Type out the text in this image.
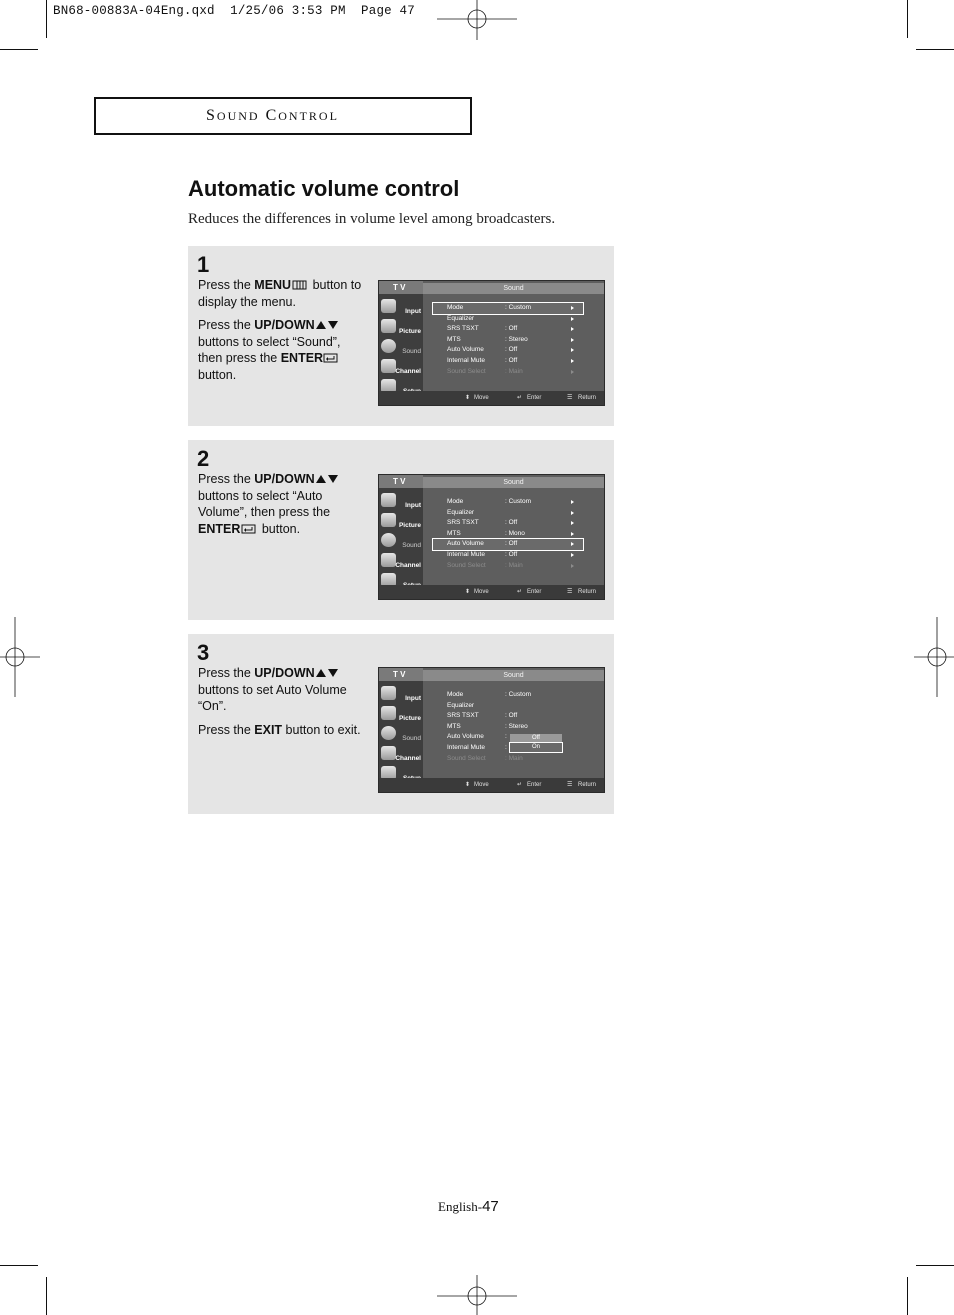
BN68-00883A-04Eng.qxd  1/25/06 3:53 PM  Page 47
SOUND CONTROL
Automatic volume control
Reduces the differences in volume level among broadcasters.
1

Press the MENU button to display the menu.

Press the UP/DOWN buttons to select “Sound”, then press the ENTER button.

T V	Sound
Input
Picture
Sound
Channel
Mode	: Custom
Equalizer
SRS TSXT	: Off
MTS	: Stereo
Auto Volume	: Off
Internal Mute	: Off
Sound Select	: Main
⬍ Move	↵ Enter	☰ Return
2

Press the UP/DOWN buttons to select “Auto Volume”, then press the ENTER button.

T V	Sound
Input
Picture
Sound
Channel
Mode	: Custom
Equalizer
SRS TSXT	: Off
MTS	: Mono
Auto Volume	: Off
Internal Mute	: Off
Sound Select	: Main
⬍ Move	↵ Enter	☰ Return
3

Press the UP/DOWN buttons to set Auto Volume “On”.

Press the EXIT button to exit.

T V	Sound
Input
Picture
Sound
Channel
Mode	: Custom
Equalizer
SRS TSXT	: Off
MTS	: Stereo
Auto Volume	:
Internal Mute	:
Sound Select	: Main
Off
On
⬍ Move	↵ Enter	☰ Return
English-47
